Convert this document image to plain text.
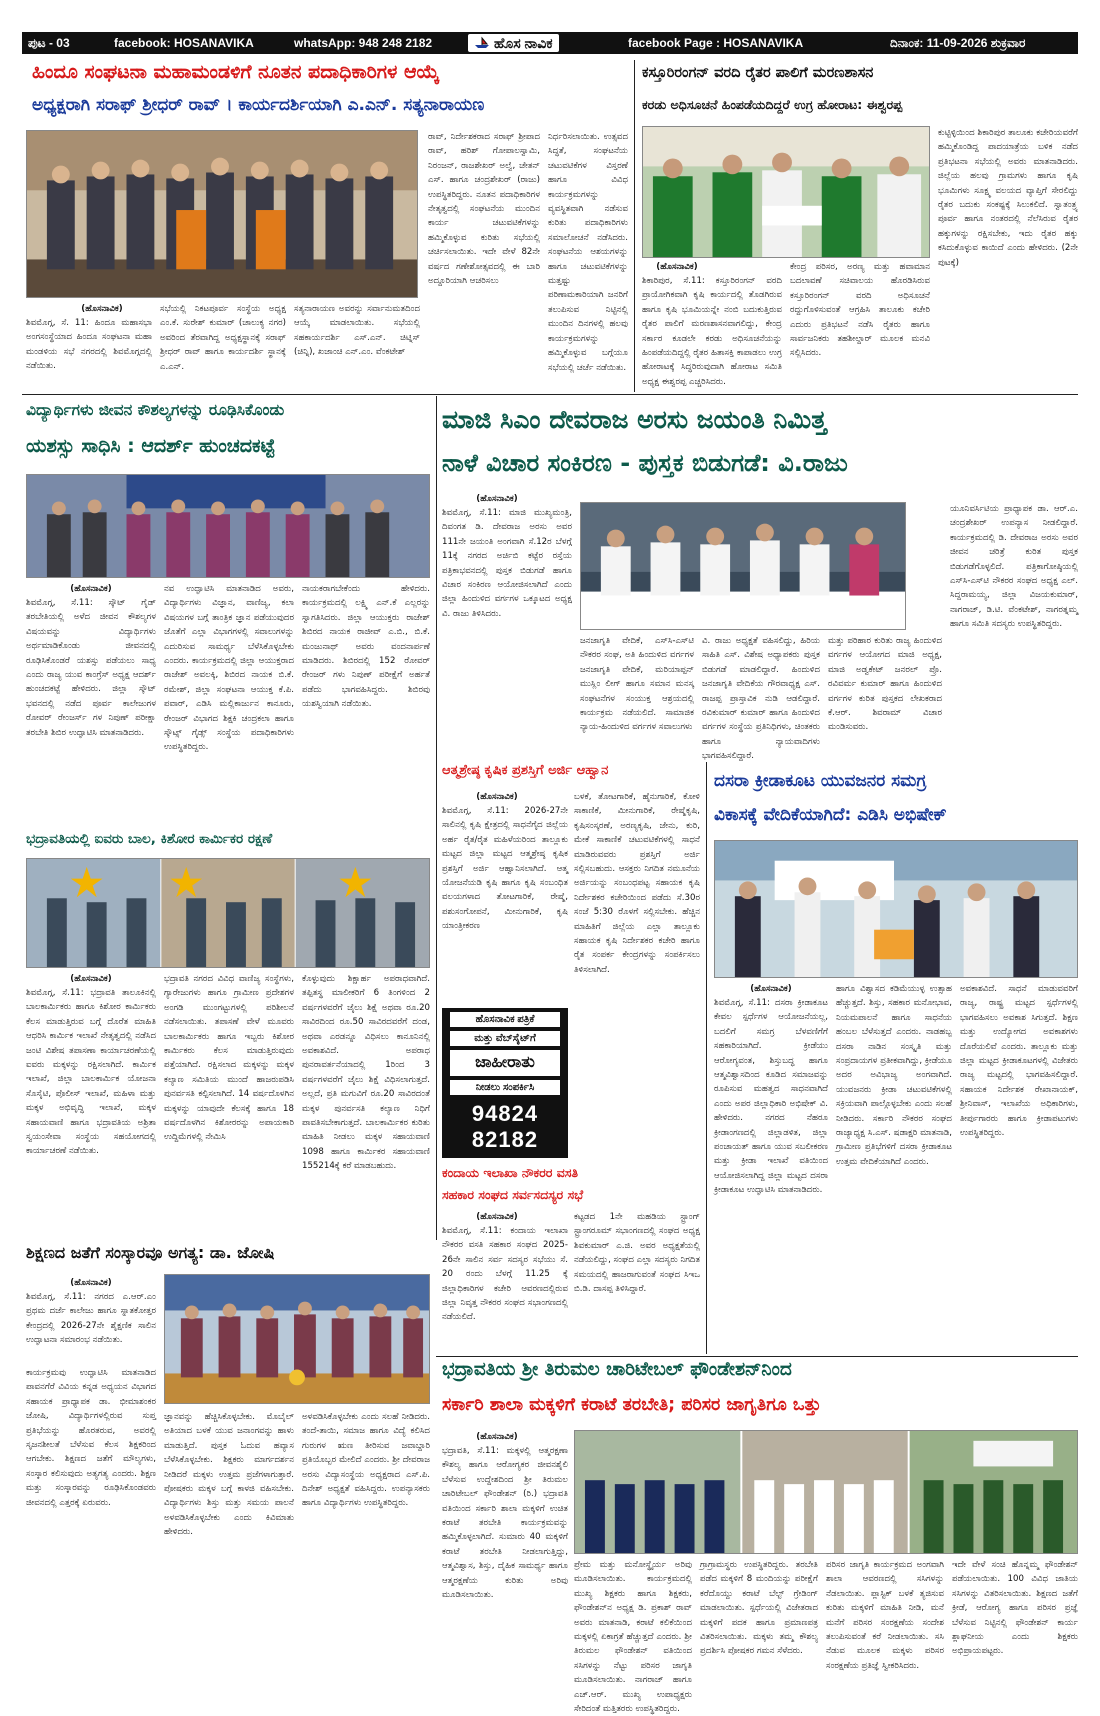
ಪುಟ - 03	facebook: HOSANAVIKA	whatsApp: 948 248 2182	ಹೊಸ ನಾವಿಕ	facebook Page : HOSANAVIKA	ದಿನಾಂಕ: 11-09-2026 ಶುಕ್ರವಾರ
ಹಿಂದೂ ಸಂಘಟನಾ ಮಹಾಮಂಡಳಿಗೆ ನೂತನ ಪದಾಧಿಕಾರಿಗಳ ಆಯ್ಕೆ
ಅಧ್ಯಕ್ಷರಾಗಿ ಸರಾಫ್ ಶ್ರೀಧರ್ ರಾವ್ । ಕಾರ್ಯದರ್ಶಿಯಾಗಿ ಎ.ಎನ್. ಸತ್ಯನಾರಾಯಣ
(ಹೊಸನಾವಿಕ)
ಶಿವಮೊಗ್ಗ, ಸೆ. 11: ಹಿಂದೂ ಮಹಾಸಭಾ ಅಂಗಸಂಸ್ಥೆಯಾದ ಹಿಂದೂ ಸಂಘಟನಾ ಮಹಾ ಮಂಡಳಿಯ ಸಭೆ ನಗರದಲ್ಲಿ ಶಿವಮೊಗ್ಗದಲ್ಲಿ ನಡೆಯಿತು.
ಸಭೆಯಲ್ಲಿ ನಿಕಟಪೂರ್ವ ಸಂಸ್ಥೆಯ ಅಧ್ಯಕ್ಷ ಎಂ.ಕೆ. ಸುರೇಶ್ ಕುಮಾರ್ (ಚಾಲುಕ್ಯ ನಗರ) ಅವರಿಂದ ತೆರವಾಗಿದ್ದ ಅಧ್ಯಕ್ಷಸ್ಥಾನಕ್ಕೆ ಸರಾಫ್ ಶ್ರೀಧರ್ ರಾವ್ ಹಾಗೂ ಕಾರ್ಯದರ್ಶಿ ಸ್ಥಾನಕ್ಕೆ ಎ.ಎನ್.
ಸತ್ಯನಾರಾಯಣ ಅವರನ್ನು ಸರ್ವಾನುಮತದಿಂದ ಆಯ್ಕೆ ಮಾಡಲಾಯಿತು. ಸಭೆಯಲ್ಲಿ ಸಹಕಾರ್ಯದರ್ಶಿ ಎಸ್.ಎನ್. ಚಿಟ್ನಿಸ್ (ಚಿನ್ನಿ), ಖಜಾಂಚಿ ಎನ್.ಎಂ. ವೆಂಕಟೇಶ್
ರಾವ್, ನಿರ್ದೇಶಕರಾದ ಸರಾಫ್ ಶ್ರೀಪಾದ ರಾವ್, ಹರಿಶ್ ಗೋಪಾಲಸ್ವಾಮಿ, ನಿರಂಜನ್, ರಾಜಶೇಖರ್ ಅಲ್ವೆ, ಚೇತನ್ ಎಸ್. ಹಾಗೂ ಚಂದ್ರಶೇಖರ್ (ರಾಜು) ಉಪಸ್ಥಿತರಿದ್ದರು. ನೂತನ ಪದಾಧಿಕಾರಿಗಳ ನೇತೃತ್ವದಲ್ಲಿ ಸಂಘಟನೆಯ ಮುಂದಿನ ಕಾರ್ಯ ಚಟುವಟಿಕೆಗಳನ್ನು ಹಮ್ಮಿಕೊಳ್ಳುವ ಕುರಿತು ಸಭೆಯಲ್ಲಿ ಚರ್ಚಿಸಲಾಯಿತು. ಇದೇ ವೇಳೆ 82ನೇ ವರ್ಷದ ಗಣೇಶೋತ್ಸವದಲ್ಲಿ ಈ ಬಾರಿ ಅದ್ದೂರಿಯಾಗಿ ಆಚರಿಸಲು
ನಿರ್ಧರಿಸಲಾಯಿತು. ಉತ್ಸವದ ಸಿದ್ಧತೆ, ಸಂಘಟನೆಯ ಚಟುವಟಿಕೆಗಳ ವಿಸ್ತರಣೆ ಹಾಗೂ ವಿವಿಧ ಕಾರ್ಯಕ್ರಮಗಳನ್ನು ವ್ಯವಸ್ಥಿತವಾಗಿ ನಡೆಸುವ ಕುರಿತು ಪದಾಧಿಕಾರಿಗಳು ಸಮಾಲೋಚನೆ ನಡೆಸಿದರು. ಸಂಘಟನೆಯ ಆಶಯಗಳನ್ನು ಹಾಗೂ ಚಟುವಟಿಕೆಗಳನ್ನು ಮತ್ತಷ್ಟು ಪರಿಣಾಮಕಾರಿಯಾಗಿ ಜನರಿಗೆ ತಲುಪಿಸುವ ನಿಟ್ಟಿನಲ್ಲಿ ಮುಂದಿನ ದಿನಗಳಲ್ಲಿ ಹಲವು ಕಾರ್ಯಕ್ರಮಗಳನ್ನು ಹಮ್ಮಿಕೊಳ್ಳುವ ಬಗ್ಗೆಯೂ ಸಭೆಯಲ್ಲಿ ಚರ್ಚೆ ನಡೆಯಿತು.
ಕಸ್ತೂರಿರಂಗನ್ ವರದಿ ರೈತರ ಪಾಲಿಗೆ ಮರಣಶಾಸನ
ಕರಡು ಅಧಿಸೂಚನೆ ಹಿಂಪಡೆಯದಿದ್ದರೆ ಉಗ್ರ ಹೋರಾಟ: ಈಶ್ವರಪ್ಪ
(ಹೊಸನಾವಿಕ)
ಶಿಕಾರಿಪುರ, ಸೆ.11: ಕಸ್ತೂರಿರಂಗನ್ ವರದಿ ಪ್ರಾಯೋಗಿಕವಾಗಿ ಕೃಷಿ ಕಾರ್ಯದಲ್ಲಿ ತೊಡಗಿರುವ ಹಾಗೂ ಕೃಷಿ ಭೂಮಿಯನ್ನೇ ನಂಬಿ ಬದುಕುತ್ತಿರುವ ರೈತರ ಪಾಲಿಗೆ ಮರಣಶಾಸನವಾಗಲಿದ್ದು, ಕೇಂದ್ರ ಸರ್ಕಾರ ಕೂಡಲೇ ಕರಡು ಅಧಿಸೂಚನೆಯನ್ನು ಹಿಂಪಡೆಯದಿದ್ದಲ್ಲಿ ರೈತರ ಹಿತಾಸಕ್ತಿ ಕಾಪಾಡಲು ಉಗ್ರ ಹೋರಾಟಕ್ಕೆ ಸಿದ್ಧರಿರುವುದಾಗಿ ಹೋರಾಟ ಸಮಿತಿ ಅಧ್ಯಕ್ಷ ಈಶ್ವರಪ್ಪ ಎಚ್ಚರಿಸಿದರು.
ಕೇಂದ್ರ ಪರಿಸರ, ಅರಣ್ಯ ಮತ್ತು ಹವಾಮಾನ ಬದಲಾವಣೆ ಸಚಿವಾಲಯ ಹೊರಡಿಸಿರುವ ಕಸ್ತೂರಿರಂಗನ್ ವರದಿ ಅಧಿಸೂಚನೆ ರದ್ದುಗೊಳಿಸುವಂತೆ ಆಗ್ರಹಿಸಿ ತಾಲೂಕು ಕಚೇರಿ ಎದುರು ಪ್ರತಿಭಟನೆ ನಡೆಸಿ ರೈತರು ಹಾಗೂ ಸಾರ್ವಜನಿಕರು ತಹಶೀಲ್ದಾರ್ ಮೂಲಕ ಮನವಿ ಸಲ್ಲಿಸಿದರು.
ಕುಟ್ಟಿಳ್ಳಿಯಿಂದ ಶಿಕಾರಿಪುರ ತಾಲೂಕು ಕಚೇರಿಯವರೆಗೆ ಹಮ್ಮಿಕೊಂಡಿದ್ದ ಪಾದಯಾತ್ರೆಯ ಬಳಿಕ ನಡೆದ ಪ್ರತಿಭಟನಾ ಸಭೆಯಲ್ಲಿ ಅವರು ಮಾತನಾಡಿದರು. ಜಿಲ್ಲೆಯ ಹಲವು ಗ್ರಾಮಗಳು ಹಾಗೂ ಕೃಷಿ ಭೂಮಿಗಳು ಸೂಕ್ಷ್ಮ ವಲಯದ ವ್ಯಾಪ್ತಿಗೆ ಸೇರಲಿದ್ದು ರೈತರ ಬದುಕು ಸಂಕಷ್ಟಕ್ಕೆ ಸಿಲುಕಲಿದೆ. ಸ್ವಾತಂತ್ರ್ಯ ಪೂರ್ವ ಹಾಗೂ ನಂತರದಲ್ಲಿ ನೆಲೆಸಿರುವ ರೈತರ ಹಕ್ಕುಗಳನ್ನು ರಕ್ಷಿಸಬೇಕು, ಇದು ರೈತರ ಹಕ್ಕು ಕಸಿದುಕೊಳ್ಳುವ ಕಾಯಿದೆ ಎಂದು ಹೇಳಿದರು. (2ನೇ ಪುಟಕ್ಕೆ)
ವಿದ್ಯಾರ್ಥಿಗಳು ಜೀವನ ಕೌಶಲ್ಯಗಳನ್ನು ರೂಢಿಸಿಕೊಂಡು
ಯಶಸ್ಸು ಸಾಧಿಸಿ : ಆದರ್ಶ್ ಹುಂಚದಕಟ್ಟೆ
(ಹೊಸನಾವಿಕ)
ಶಿವಮೊಗ್ಗ, ಸೆ.11: ಸ್ಕೌಟ್ ಗೈಡ್ ತರಬೇತಿಯಲ್ಲಿ ಅಳೆದ ಜೀವನ ಕೌಶಲ್ಯಗಳ ವಿಷಯವನ್ನು ವಿದ್ಯಾರ್ಥಿಗಳು ಅರ್ಥಮಾಡಿಕೊಂಡು ಜೀವನದಲ್ಲಿ ರೂಢಿಸಿಕೊಂಡರೆ ಯಶಸ್ಸು ಪಡೆಯಲು ಸಾಧ್ಯ ಎಂದು ರಾಜ್ಯ ಯುವ ಕಾಂಗ್ರೆಸ್ ಅಧ್ಯಕ್ಷ ಆದರ್ಶ್ ಹುಂಚದಕಟ್ಟೆ ಹೇಳಿದರು. ಜಿಲ್ಲಾ ಸ್ಕೌಟ್ ಭವನದಲ್ಲಿ ನಡೆದ ಪೂರ್ವ ಕಾಲೇಜುಗಳ ರೋವರ್ ರೇಂಜರ್ಸ್ ಗಳ ನಿಪುಣ್ ಪರೀಕ್ಷಾ ತರಬೇತಿ ಶಿಬಿರ ಉದ್ಘಾಟಿಸಿ ಮಾತನಾಡಿದರು.
ನವ ಉದ್ಘಾಟಿಸಿ ಮಾತನಾಡಿದ ಅವರು, ವಿದ್ಯಾರ್ಥಿಗಳು ವಿಜ್ಞಾನ, ವಾಣಿಜ್ಯ, ಕಲಾ ವಿಷಯಗಳ ಬಗ್ಗೆ ತಾಂತ್ರಿಕ ಜ್ಞಾನ ಪಡೆಯುವುದರ ಜೊತೆಗೆ ಎಲ್ಲಾ ವಿಭಾಗಗಳಲ್ಲಿ ಸವಾಲುಗಳನ್ನು ಎದುರಿಸುವ ಸಾಮರ್ಥ್ಯ ಬೆಳೆಸಿಕೊಳ್ಳಬೇಕು ಎಂದರು. ಕಾರ್ಯಕ್ರಮದಲ್ಲಿ ಜಿಲ್ಲಾ ಆಯುಕ್ತರಾದ ರಾಜೇಶ್ ಅವಲಕ್ಕಿ, ಶಿಬಿರದ ನಾಯಕ ಬಿ.ಕೆ. ರಮೇಶ್, ಜಿಲ್ಲಾ ಸಂಘಟನಾ ಆಯುಕ್ತ ಕೆ.ಪಿ. ಪವಾರ್, ಎಡಿಸಿ ಮಲ್ಲಿಕಾರ್ಜುನ ಕಾನೂರು, ರೇಂಜರ್ ವಿಭಾಗದ ಶಿಕ್ಷಕಿ ಚಂದ್ರಕಲಾ ಹಾಗೂ ಸ್ಕೌಟ್ಸ್ ಗೈಡ್ಸ್ ಸಂಸ್ಥೆಯ ಪದಾಧಿಕಾರಿಗಳು ಉಪಸ್ಥಿತರಿದ್ದರು.
ನಾಯಕರಾಗಬೇಕೆಂದು ಹೇಳಿದರು. ಕಾರ್ಯಕ್ರಮದಲ್ಲಿ ಲಕ್ಷ್ಮಿ ಎನ್.ಕೆ ಎಲ್ಲರನ್ನು ಸ್ವಾಗತಿಸಿದರು. ಜಿಲ್ಲಾ ಆಯುಕ್ತರು ರಾಜೇಶ್ ಶಿಬಿರದ ನಾಯಕ ರಾಜೀವ್ ಎ.ಬಿ., ಬಿ.ಕೆ. ಮಂಜುನಾಥ್ ಅವರು ವಂದನಾರ್ಪಣೆ ಮಾಡಿದರು. ಶಿಬಿರದಲ್ಲಿ 152 ರೋವರ್ ರೇಂಜರ್ ಗಳು ನಿಪುಣ್ ಪರೀಕ್ಷೆಗೆ ಅರ್ಹತೆ ಪಡೆದು ಭಾಗವಹಿಸಿದ್ದರು. ಶಿಬಿರವು ಯಶಸ್ವಿಯಾಗಿ ನಡೆಯಿತು.
ಭದ್ರಾವತಿಯಲ್ಲಿ ಐವರು ಬಾಲ, ಕಿಶೋರ ಕಾರ್ಮಿಕರ ರಕ್ಷಣೆ
(ಹೊಸನಾವಿಕ)
ಶಿವಮೊಗ್ಗ, ಸೆ.11: ಭದ್ರಾವತಿ ತಾಲೂಕಿನಲ್ಲಿ ಬಾಲಕಾರ್ಮಿಕರು ಹಾಗೂ ಕಿಶೋರ ಕಾರ್ಮಿಕರು ಕೆಲಸ ಮಾಡುತ್ತಿರುವ ಬಗ್ಗೆ ದೊರೆತ ಮಾಹಿತಿ ಆಧರಿಸಿ ಕಾರ್ಮಿಕ ಇಲಾಖೆ ನೇತೃತ್ವದಲ್ಲಿ ನಡೆಸಿದ ಜಂಟಿ ವಿಶೇಷ ತಪಾಸಣಾ ಕಾರ್ಯಾಚರಣೆಯಲ್ಲಿ ಐವರು ಮಕ್ಕಳನ್ನು ರಕ್ಷಿಸಲಾಗಿದೆ. ಕಾರ್ಮಿಕ ಇಲಾಖೆ, ಜಿಲ್ಲಾ ಬಾಲಕಾರ್ಮಿಕ ಯೋಜನಾ ಸೊಸೈಟಿ, ಪೊಲೀಸ್ ಇಲಾಖೆ, ಮಹಿಳಾ ಮತ್ತು ಮಕ್ಕಳ ಅಭಿವೃದ್ಧಿ ಇಲಾಖೆ, ಮಕ್ಕಳ ಸಹಾಯವಾಣಿ ಹಾಗೂ ಭದ್ರಾವತಿಯ ಅಶ್ರಿತಾ ಸ್ವಯಂಸೇವಾ ಸಂಸ್ಥೆಯ ಸಹಯೋಗದಲ್ಲಿ ಕಾರ್ಯಾಚರಣೆ ನಡೆಯಿತು.
ಭದ್ರಾವತಿ ನಗರದ ವಿವಿಧ ವಾಣಿಜ್ಯ ಸಂಸ್ಥೆಗಳು, ಗ್ಯಾರೇಜುಗಳು ಹಾಗೂ ಗ್ರಾಮೀಣ ಪ್ರದೇಶಗಳ ಅಂಗಡಿ ಮುಂಗಟ್ಟುಗಳಲ್ಲಿ ಪರಿಶೀಲನೆ ನಡೆಸಲಾಯಿತು. ತಪಾಸಣೆ ವೇಳೆ ಮೂವರು ಬಾಲಕಾರ್ಮಿಕರು ಹಾಗೂ ಇಬ್ಬರು ಕಿಶೋರ ಕಾರ್ಮಿಕರು ಕೆಲಸ ಮಾಡುತ್ತಿರುವುದು ಪತ್ತೆಯಾಗಿದೆ. ರಕ್ಷಿಸಲಾದ ಮಕ್ಕಳನ್ನು ಮಕ್ಕಳ ಕಲ್ಯಾಣ ಸಮಿತಿಯ ಮುಂದೆ ಹಾಜರುಪಡಿಸಿ ಪುನರ್ವಸತಿ ಕಲ್ಪಿಸಲಾಗಿದೆ. 14 ವರ್ಷದೊಳಗಿನ ಮಕ್ಕಳನ್ನು ಯಾವುದೇ ಕೆಲಸಕ್ಕೆ ಹಾಗೂ 18 ವರ್ಷದೊಳಗಿನ ಕಿಶೋರರನ್ನು ಅಪಾಯಕಾರಿ ಉದ್ದಿಮೆಗಳಲ್ಲಿ ನೇಮಿಸಿ
ಕೊಳ್ಳುವುದು ಶಿಕ್ಷಾರ್ಹ ಅಪರಾಧವಾಗಿದೆ. ತಪ್ಪಿತಸ್ಥ ಮಾಲೀಕರಿಗೆ 6 ತಿಂಗಳಿಂದ 2 ವರ್ಷಗಳವರೆಗೆ ಜೈಲು ಶಿಕ್ಷೆ ಅಥವಾ ರೂ.20 ಸಾವಿರದಿಂದ ರೂ.50 ಸಾವಿರದವರೆಗೆ ದಂಡ, ಅಥವಾ ಎರಡನ್ನೂ ವಿಧಿಸಲು ಕಾನೂನಿನಲ್ಲಿ ಅವಕಾಶವಿದೆ. ಅಪರಾಧ ಪುನರಾವರ್ತನೆಯಾದಲ್ಲಿ 1ರಿಂದ 3 ವರ್ಷಗಳವರೆಗೆ ಜೈಲು ಶಿಕ್ಷೆ ವಿಧಿಸಲಾಗುತ್ತದೆ. ಅಲ್ಲದೆ, ಪ್ರತಿ ಮಗುವಿಗೆ ರೂ.20 ಸಾವಿರದಂತೆ ಮಕ್ಕಳ ಪುನರ್ವಸತಿ ಕಲ್ಯಾಣ ನಿಧಿಗೆ ಪಾವತಿಸಬೇಕಾಗುತ್ತದೆ. ಬಾಲಕಾರ್ಮಿಕರ ಕುರಿತು ಮಾಹಿತಿ ನೀಡಲು ಮಕ್ಕಳ ಸಹಾಯವಾಣಿ 1098 ಹಾಗೂ ಕಾರ್ಮಿಕರ ಸಹಾಯವಾಣಿ 155214ಕ್ಕೆ ಕರೆ ಮಾಡಬಹುದು.
ಶಿಕ್ಷಣದ ಜತೆಗೆ ಸಂಸ್ಕಾರವೂ ಅಗತ್ಯ: ಡಾ. ಜೋಷಿ
(ಹೊಸನಾವಿಕ)
ಶಿವಮೊಗ್ಗ, ಸೆ.11: ನಗರದ ಎ.ಆರ್.ಎಂ ಪ್ರಥಮ ದರ್ಜೆ ಕಾಲೇಜು ಹಾಗೂ ಸ್ನಾತಕೋತ್ತರ ಕೇಂದ್ರದಲ್ಲಿ 2026-27ನೇ ಶೈಕ್ಷಣಿಕ ಸಾಲಿನ ಉದ್ಘಾಟನಾ ಸಮಾರಂಭ ನಡೆಯಿತು.
ಕಾರ್ಯಕ್ರಮವು ಉದ್ಘಾಟಿಸಿ ಮಾತನಾಡಿದ ಪಾವನಗೆರೆ ವಿವಿಯ ಕನ್ನಡ ಅಧ್ಯಯನ ವಿಭಾಗದ ಸಹಾಯಕ ಪ್ರಾಧ್ಯಾಪಕ ಡಾ. ಭೀಮಾಶಂಕರ ಜೋಷಿ, ವಿದ್ಯಾರ್ಥಿಗಳಲ್ಲಿರುವ ಸುಪ್ತ ಪ್ರತಿಭೆಯನ್ನು ಹೊರತರುವ, ಅವರಲ್ಲಿ ಸೃಜನಶೀಲತೆ ಬೆಳೆಸುವ ಕೆಲಸ ಶಿಕ್ಷಕರಿಂದ ಆಗಬೇಕು. ಶಿಕ್ಷಣದ ಜತೆಗೆ ಮೌಲ್ಯಗಳು, ಸಂಸ್ಕಾರ ಕಲಿಸುವುದು ಅತ್ಯಗತ್ಯ ಎಂದರು. ಶಿಕ್ಷಣ ಮತ್ತು ಸಂಸ್ಕಾರವನ್ನು ರೂಢಿಸಿಕೊಂಡವರು ಜೀವನದಲ್ಲಿ ಎತ್ತರಕ್ಕೆ ಏರುವರು.
ಜ್ಞಾನವನ್ನು ಹೆಚ್ಚಿಸಿಕೊಳ್ಳಬೇಕು. ಮೊಬೈಲ್ ಅತಿಯಾದ ಬಳಕೆ ಯುವ ಜನಾಂಗವನ್ನು ಹಾಳು ಮಾಡುತ್ತಿದೆ. ಪುಸ್ತಕ ಓದುವ ಹವ್ಯಾಸ ಬೆಳೆಸಿಕೊಳ್ಳಬೇಕು. ಶಿಕ್ಷಕರು ಮಾರ್ಗದರ್ಶನ ನೀಡಿದರೆ ಮಕ್ಕಳು ಉತ್ತಮ ಪ್ರಜೆಗಳಾಗುತ್ತಾರೆ. ಪೋಷಕರು ಮಕ್ಕಳ ಬಗ್ಗೆ ಕಾಳಜಿ ವಹಿಸಬೇಕು. ವಿದ್ಯಾರ್ಥಿಗಳು ಶಿಸ್ತು ಮತ್ತು ಸಮಯ ಪಾಲನೆ ಅಳವಡಿಸಿಕೊಳ್ಳಬೇಕು ಎಂದು ಕಿವಿಮಾತು ಹೇಳಿದರು.
ಅಳವಡಿಸಿಕೊಳ್ಳಬೇಕು ಎಂದು ಸಲಹೆ ನೀಡಿದರು. ತಂದೆ-ತಾಯಿ, ಸಮಾಜ ಹಾಗೂ ವಿದ್ಯೆ ಕಲಿಸಿದ ಗುರುಗಳ ಋಣ ತೀರಿಸುವ ಜವಾಬ್ದಾರಿ ಪ್ರತಿಯೊಬ್ಬರ ಮೇಲಿದೆ ಎಂದರು. ಶ್ರೀ ದೇವರಾಜ ಅರಸು ವಿದ್ಯಾಸಂಸ್ಥೆಯ ಅಧ್ಯಕ್ಷರಾದ ಎಸ್.ಪಿ. ದಿನೇಶ್ ಅಧ್ಯಕ್ಷತೆ ವಹಿಸಿದ್ದರು. ಉಪನ್ಯಾಸಕರು ಹಾಗೂ ವಿದ್ಯಾರ್ಥಿಗಳು ಉಪಸ್ಥಿತರಿದ್ದರು.
ಮಾಜಿ ಸಿಎಂ ದೇವರಾಜ ಅರಸು ಜಯಂತಿ ನಿಮಿತ್ತ
ನಾಳೆ ವಿಚಾರ ಸಂಕಿರಣ - ಪುಸ್ತಕ ಬಿಡುಗಡೆ: ವಿ.ರಾಜು
(ಹೊಸನಾವಿಕ)
ಶಿವಮೊಗ್ಗ, ಸೆ.11: ಮಾಜಿ ಮುಖ್ಯಮಂತ್ರಿ, ದಿವಂಗತ ಡಿ. ದೇವರಾಜ ಅರಸು ಅವರ 111ನೇ ಜಯಂತಿ ಅಂಗವಾಗಿ ಸೆ.12ರ ಬೆಳಗ್ಗೆ 11ಕ್ಕೆ ನಗರದ ಅರ್ಚಿಬಿ ಕಟ್ಟೆರ ರಸ್ತೆಯ ಪತ್ರಿಕಾಭವನದಲ್ಲಿ ಪುಸ್ತಕ ಬಿಡುಗಡೆ ಹಾಗೂ ವಿಚಾರ ಸಂಕಿರಣ ಆಯೋಜಿಸಲಾಗಿದೆ ಎಂದು ಜಿಲ್ಲಾ ಹಿಂದುಳಿದ ವರ್ಗಗಳ ಒಕ್ಕೂಟದ ಅಧ್ಯಕ್ಷ ವಿ. ರಾಜು ತಿಳಿಸಿದರು.
ಜನಜಾಗೃತಿ ವೇದಿಕೆ, ಎಸ್‌ಸಿ-ಎಸ್‌ಟಿ ನೌಕರರ ಸಂಘ, ಅತಿ ಹಿಂದುಳಿದ ವರ್ಗಗಳ ಜನಜಾಗೃತಿ ವೇದಿಕೆ, ಮರಿಯಾಪ್ಪನ್ ಮುಸ್ಲಿಂ ಲೀಗ್ ಹಾಗೂ ಸಮಾನ ಮನಸ್ಕ ಸಂಘಟನೆಗಳ ಸಂಯುಕ್ತ ಆಶ್ರಯದಲ್ಲಿ ಕಾರ್ಯಕ್ರಮ ನಡೆಯಲಿದೆ. ಸಾಮಾಜಿಕ ನ್ಯಾಯ-ಹಿಂದುಳಿದ ವರ್ಗಗಳ ಸವಾಲುಗಳು
ವಿ. ರಾಜು ಅಧ್ಯಕ್ಷತೆ ವಹಿಸಲಿದ್ದು, ಹಿರಿಯ ಸಾಹಿತಿ ಎಸ್. ವಿಶೇಷ ಅಧ್ಯಾಪಕರು ಪುಸ್ತಕ ಬಿಡುಗಡೆ ಮಾಡಲಿದ್ದಾರೆ. ಹಿಂದುಳಿದ ಜನಜಾಗೃತಿ ವೇದಿಕೆಯ ಗೌರವಾಧ್ಯಕ್ಷ ಎಸ್. ರಾಜಪ್ಪ ಪ್ರಾಸ್ತಾವಿಕ ನುಡಿ ಆಡಲಿದ್ದಾರೆ. ರವಿಕುಮಾರ್ ಕುಮಾರ್ ಹಾಗೂ ಹಿಂದುಳಿದ ವರ್ಗಗಳ ಸಂಸ್ಥೆಯ ಪ್ರತಿನಿಧಿಗಳು, ಚಿಂತಕರು ಹಾಗೂ ನ್ಯಾಯವಾದಿಗಳು ಭಾಗವಹಿಸಲಿದ್ದಾರೆ.
ಮತ್ತು ಪರಿಹಾರ ಕುರಿತು ರಾಜ್ಯ ಹಿಂದುಳಿದ ವರ್ಗಗಳ ಆಯೋಗದ ಮಾಜಿ ಅಧ್ಯಕ್ಷ, ಮಾಜಿ ಅಡ್ವಕೇಟ್ ಜನರಲ್ ಪ್ರೊ. ರವಿವರ್ಮ ಕುಮಾರ್ ಹಾಗೂ ಹಿಂದುಳಿದ ವರ್ಗಗಳ ಕುರಿತ ಪುಸ್ತಕದ ಲೇಖಕರಾದ ಕೆ.ಆರ್. ಶಿವರಾಮ್ ವಿಚಾರ ಮಂಡಿಸುವರು.
ಯೂನಿವರ್ಸಿಟಿಯ ಪ್ರಾಧ್ಯಾಪಕ ಡಾ. ಆರ್.ಎ. ಚಂದ್ರಶೇಖರ್ ಉಪನ್ಯಾಸ ನೀಡಲಿದ್ದಾರೆ. ಕಾರ್ಯಕ್ರಮದಲ್ಲಿ ಡಿ. ದೇವರಾಜ ಅರಸು ಅವರ ಜೀವನ ಚರಿತ್ರೆ ಕುರಿತ ಪುಸ್ತಕ ಬಿಡುಗಡೆಗೊಳ್ಳಲಿದೆ. ಪತ್ರಿಕಾಗೋಷ್ಠಿಯಲ್ಲಿ ಎಸ್‌ಸಿ-ಎಸ್‌ಟಿ ನೌಕರರ ಸಂಘದ ಅಧ್ಯಕ್ಷ ಎಲ್. ಸಿದ್ದರಾಮಯ್ಯ, ಜಿಲ್ಲಾ ವಿಜಯಕುಮಾರ್, ನಾಗರಾಜ್, ಡಿ.ಟಿ. ವೆಂಕಟೇಶ್, ನಾಗರತ್ನಮ್ಮ ಹಾಗೂ ಸಮಿತಿ ಸದಸ್ಯರು ಉಪಸ್ಥಿತರಿದ್ದರು.
ಆತ್ಮಶ್ರೇಷ್ಠ ಕೃಷಿಕ ಪ್ರಶಸ್ತಿಗೆ ಅರ್ಜಿ ಆಹ್ವಾನ
(ಹೊಸನಾವಿಕ)
ಶಿವಮೊಗ್ಗ, ಸೆ.11: 2026-27ನೇ ಸಾಲಿನಲ್ಲಿ ಕೃಷಿ ಕ್ಷೇತ್ರದಲ್ಲಿ ಸಾಧನೆಗೈದ ಜಿಲ್ಲೆಯ ಅರ್ಹ ರೈತ/ರೈತ ಮಹಿಳೆಯರಿಂದ ತಾಲ್ಲೂಕು ಮಟ್ಟದ ಜಿಲ್ಲಾ ಮಟ್ಟದ ಆತ್ಮಶ್ರೇಷ್ಠ ಕೃಷಿಕ ಪ್ರಶಸ್ತಿಗೆ ಅರ್ಜಿ ಆಹ್ವಾನಿಸಲಾಗಿದೆ. ಆತ್ಮ ಯೋಜನೆಯಡಿ ಕೃಷಿ ಹಾಗೂ ಕೃಷಿ ಸಂಬಂಧಿತ ವಲಯಗಳಾದ ತೋಟಗಾರಿಕೆ, ರೇಷ್ಮೆ, ಪಶುಸಂಗೋಪನೆ, ಮೀನುಗಾರಿಕೆ, ಕೃಷಿ ಯಾಂತ್ರೀಕರಣ
ಬಳಕೆ, ತೋಟಗಾರಿಕೆ, ಹೈನುಗಾರಿಕೆ, ಕೋಳಿ ಸಾಕಾಣಿಕೆ, ಮೀನುಗಾರಿಕೆ, ರೇಷ್ಮೆಕೃಷಿ, ಕೃಷಿಸಂಸ್ಕರಣೆ, ಅರಣ್ಯಕೃಷಿ, ಜೇನು, ಕುರಿ, ಮೇಕೆ ಸಾಕಾಣಿಕೆ ಚಟುವಟಿಕೆಗಳಲ್ಲಿ ಸಾಧನೆ ಮಾಡಿರುವವರು ಪ್ರಶಸ್ತಿಗೆ ಅರ್ಜಿ ಸಲ್ಲಿಸಬಹುದು. ಆಸಕ್ತರು ನಿಗದಿತ ನಮೂನೆಯ ಅರ್ಜಿಯನ್ನು ಸಂಬಂಧಪಟ್ಟ ಸಹಾಯಕ ಕೃಷಿ ನಿರ್ದೇಶಕರ ಕಚೇರಿಯಿಂದ ಪಡೆದು ಸೆ.30ರ ಸಂಜೆ 5:30 ರೊಳಗೆ ಸಲ್ಲಿಸಬೇಕು. ಹೆಚ್ಚಿನ ಮಾಹಿತಿಗೆ ಜಿಲ್ಲೆಯ ಎಲ್ಲಾ ತಾಲ್ಲೂಕು ಸಹಾಯಕ ಕೃಷಿ ನಿರ್ದೇಶಕರ ಕಚೇರಿ ಹಾಗೂ ರೈತ ಸಂಪರ್ಕ ಕೇಂದ್ರಗಳನ್ನು ಸಂಪರ್ಕಿಸಲು ತಿಳಿಸಲಾಗಿದೆ.
ಹೊಸನಾವಿಕ ಪತ್ರಿಕೆ
ಮತ್ತು ವೆಬ್‌ಸೈಟ್‌ಗೆ
ಜಾಹೀರಾತು
ನೀಡಲು ಸಂಪರ್ಕಿಸಿ
94824 82182
ಕಂದಾಯ ಇಲಾಖಾ ನೌಕರರ ವಸತಿ
ಸಹಕಾರ ಸಂಘದ ಸರ್ವಸದಸ್ಯರ ಸಭೆ
(ಹೊಸನಾವಿಕ)
ಶಿವಮೊಗ್ಗ, ಸೆ.11: ಕಂದಾಯ ಇಲಾಖಾ ನೌಕರರ ವಸತಿ ಸಹಕಾರ ಸಂಘದ 2025-26ನೇ ಸಾಲಿನ ಸರ್ವ ಸದಸ್ಯರ ಸಭೆಯು ಸೆ. 20 ರಂದು ಬೆಳಗ್ಗೆ 11.25 ಕ್ಕೆ ಜಿಲ್ಲಾಧಿಕಾರಿಗಳ ಕಚೇರಿ ಆವರಣದಲ್ಲಿರುವ ಜಿಲ್ಲಾ ನಿವೃತ್ತ ನೌಕರರ ಸಂಘದ ಸಭಾಂಗಣದಲ್ಲಿ ನಡೆಯಲಿದೆ.
ಕಟ್ಟಡದ 1ನೇ ಮಹಡಿಯ ಸ್ಟ್ರಾಂಗ್ ಸ್ಟ್ರಾಂಗರೂಮ್ ಸಭಾಂಗಣದಲ್ಲಿ ಸಂಘದ ಅಧ್ಯಕ್ಷ ಶಿವಕುಮಾರ್ ಎ.ಜಿ. ಅವರ ಅಧ್ಯಕ್ಷತೆಯಲ್ಲಿ ನಡೆಯಲಿದ್ದು, ಸಂಘದ ಎಲ್ಲಾ ಸದಸ್ಯರು ನಿಗದಿತ ಸಮಯದಲ್ಲಿ ಹಾಜರಾಗುವಂತೆ ಸಂಘದ ಸಿಇಒ ಬಿ.ಡಿ. ದಾಸಪ್ಪ ತಿಳಿಸಿದ್ದಾರೆ.
ದಸರಾ ಕ್ರೀಡಾಕೂಟ ಯುವಜನರ ಸಮಗ್ರ
ವಿಕಾಸಕ್ಕೆ ವೇದಿಕೆಯಾಗಿದೆ: ಎಡಿಸಿ ಅಭಿಷೇಕ್
(ಹೊಸನಾವಿಕ)
ಶಿವಮೊಗ್ಗ, ಸೆ.11: ದಸರಾ ಕ್ರೀಡಾಕೂಟ ಕೇವಲ ಸ್ಪರ್ಧೆಗಳ ಆಯೋಜನೆಯಲ್ಲ, ಬದಲಿಗೆ ಸಮಗ್ರ ಬೆಳವಣಿಗೆಗೆ ಸಹಕಾರಿಯಾಗಿದೆ. ಕ್ರೀಡೆಯು ಆರೋಗ್ಯವಂತ, ಶಿಸ್ತುಬದ್ಧ ಹಾಗೂ ಆತ್ಮವಿಶ್ವಾಸದಿಂದ ಕೂಡಿದ ಸಮಾಜವನ್ನು ರೂಪಿಸುವ ಮಹತ್ವದ ಸಾಧನವಾಗಿದೆ ಎಂದು ಅಪರ ಜಿಲ್ಲಾಧಿಕಾರಿ ಅಭಿಷೇಕ್ ವಿ. ಹೇಳಿದರು. ನಗರದ ನೆಹರೂ ಕ್ರೀಡಾಂಗಣದಲ್ಲಿ ಜಿಲ್ಲಾಡಳಿತ, ಜಿಲ್ಲಾ ಪಂಚಾಯತ್ ಹಾಗೂ ಯುವ ಸಬಲೀಕರಣ ಮತ್ತು ಕ್ರೀಡಾ ಇಲಾಖೆ ವತಿಯಿಂದ ಆಯೋಜಿಸಲಾಗಿದ್ದ ಜಿಲ್ಲಾ ಮಟ್ಟದ ದಸರಾ ಕ್ರೀಡಾಕೂಟ ಉದ್ಘಾಟಿಸಿ ಮಾತನಾಡಿದರು.
ಹಾಗೂ ವಿಶ್ವಾಸದ ಕಡಿಮೆಯುಳ್ಳ ಉತ್ಸಾಹ ಹೆಚ್ಚುತ್ತದೆ. ಶಿಸ್ತು, ಸಹಕಾರ ಮನೋಭಾವ, ನಿಯಮಪಾಲನೆ ಹಾಗೂ ಸಾಧನೆಯ ಹಂಬಲ ಬೆಳೆಸುತ್ತದೆ ಎಂದರು. ನಾಡಹಬ್ಬ ದಸರಾ ನಾಡಿನ ಸಂಸ್ಕೃತಿ ಮತ್ತು ಸಂಪ್ರದಾಯಗಳ ಪ್ರತೀಕವಾಗಿದ್ದು, ಕ್ರೀಡೆಯೂ ಅದರ ಅವಿಭಾಜ್ಯ ಅಂಗವಾಗಿದೆ. ಯುವಜನರು ಕ್ರೀಡಾ ಚಟುವಟಿಕೆಗಳಲ್ಲಿ ಸಕ್ರಿಯವಾಗಿ ಪಾಲ್ಗೊಳ್ಳಬೇಕು ಎಂದು ಸಲಹೆ ನೀಡಿದರು. ಸರ್ಕಾರಿ ನೌಕರರ ಸಂಘದ ರಾಜ್ಯಾಧ್ಯಕ್ಷ ಸಿ.ಎಸ್. ಷಡಾಕ್ಷರಿ ಮಾತನಾಡಿ, ಗ್ರಾಮೀಣ ಪ್ರತಿಭೆಗಳಿಗೆ ದಸರಾ ಕ್ರೀಡಾಕೂಟ ಉತ್ತಮ ವೇದಿಕೆಯಾಗಿದೆ ಎಂದರು.
ಅವಕಾಶವಿದೆ. ಸಾಧನೆ ಮಾಡುವವರಿಗೆ ರಾಜ್ಯ, ರಾಷ್ಟ್ರ ಮಟ್ಟದ ಸ್ಪರ್ಧೆಗಳಲ್ಲಿ ಭಾಗವಹಿಸಲು ಅವಕಾಶ ಸಿಗುತ್ತದೆ. ಶಿಕ್ಷಣ ಮತ್ತು ಉದ್ಯೋಗದ ಅವಕಾಶಗಳು ದೊರೆಯಲಿವೆ ಎಂದರು. ತಾಲ್ಲೂಕು ಮತ್ತು ಜಿಲ್ಲಾ ಮಟ್ಟದ ಕ್ರೀಡಾಕೂಟಗಳಲ್ಲಿ ವಿಜೇತರು ರಾಜ್ಯ ಮಟ್ಟದಲ್ಲಿ ಭಾಗವಹಿಸಲಿದ್ದಾರೆ. ಸಹಾಯಕ ನಿರ್ದೇಶಕ ರೇಖಾನಾಯಕ್, ಶ್ರೀನಿವಾಸ್, ಇಲಾಖೆಯ ಅಧಿಕಾರಿಗಳು, ತೀರ್ಪುಗಾರರು ಹಾಗೂ ಕ್ರೀಡಾಪಟುಗಳು ಉಪಸ್ಥಿತರಿದ್ದರು.
ಭದ್ರಾವತಿಯ ಶ್ರೀ ತಿರುಮಲ ಚಾರಿಟೇಬಲ್ ಫೌಂಡೇಶನ್‌ನಿಂದ
ಸರ್ಕಾರಿ ಶಾಲಾ ಮಕ್ಕಳಿಗೆ ಕರಾಟೆ ತರಬೇತಿ; ಪರಿಸರ ಜಾಗೃತಿಗೂ ಒತ್ತು
(ಹೊಸನಾವಿಕ)
ಭದ್ರಾವತಿ, ಸೆ.11: ಮಕ್ಕಳಲ್ಲಿ ಆತ್ಮರಕ್ಷಣಾ ಕೌಶಲ್ಯ ಹಾಗೂ ಆರೋಗ್ಯಕರ ಜೀವನಶೈಲಿ ಬೆಳೆಸುವ ಉದ್ದೇಶದಿಂದ ಶ್ರೀ ತಿರುಮಲ ಚಾರಿಟೇಬಲ್ ಫೌಂಡೇಶನ್ (ರಿ.) ಭದ್ರಾವತಿ ವತಿಯಿಂದ ಸರ್ಕಾರಿ ಶಾಲಾ ಮಕ್ಕಳಿಗೆ ಉಚಿತ ಕರಾಟೆ ತರಬೇತಿ ಕಾರ್ಯಕ್ರಮವನ್ನು ಹಮ್ಮಿಕೊಳ್ಳಲಾಗಿದೆ. ಸುಮಾರು 40 ಮಕ್ಕಳಿಗೆ ಕರಾಟೆ ತರಬೇತಿ ನೀಡಲಾಗುತ್ತಿದ್ದು, ಆತ್ಮವಿಶ್ವಾಸ, ಶಿಸ್ತು, ದೈಹಿಕ ಸಾಮರ್ಥ್ಯ ಹಾಗೂ ಆತ್ಮರಕ್ಷಣೆಯ ಕುರಿತು ಅರಿವು ಮೂಡಿಸಲಾಯಿತು.
ಪ್ರೇಮ ಮತ್ತು ಮನೋಸ್ಥೈರ್ಯ ಅರಿವು ಮೂಡಿಸಲಾಯಿತು. ಕಾರ್ಯಕ್ರಮದಲ್ಲಿ ಮುಖ್ಯ ಶಿಕ್ಷಕರು ಹಾಗೂ ಶಿಕ್ಷಕರು, ಫೌಂಡೇಶನ್‌ನ ಅಧ್ಯಕ್ಷ ಡಿ. ಪ್ರಕಾಶ್ ರಾವ್ ಅವರು ಮಾತನಾಡಿ, ಕರಾಟೆ ಕಲಿಕೆಯಿಂದ ಮಕ್ಕಳಲ್ಲಿ ಏಕಾಗ್ರತೆ ಹೆಚ್ಚುತ್ತದೆ ಎಂದರು. ಶ್ರೀ ತಿರುಮಲ ಫೌಂಡೇಶನ್ ವತಿಯಿಂದ ಸಸಿಗಳನ್ನು ನೆಟ್ಟು ಪರಿಸರ ಜಾಗೃತಿ ಮೂಡಿಸಲಾಯಿತು. ನಾಗರಾಜ್ ಹಾಗೂ ಎಚ್.ಆರ್. ಮುಖ್ಯ ಉಪಾಧ್ಯಕ್ಷರು ಸೇರಿದಂತೆ ಮತ್ತಿತರರು ಉಪಸ್ಥಿತರಿದ್ದರು.
ಗ್ರಾಗ್ರಾಮಸ್ಥರು ಉಪಸ್ಥಿತರಿದ್ದರು. ತರಬೇತಿ ಪಡೆದ ಮಕ್ಕಳಿಗೆ 8 ಮಂದಿಯನ್ನು ಪರೀಕ್ಷೆಗೆ ಕರೆದೊಯ್ದು ಕರಾಟೆ ಬೆಲ್ಟ್ ಗ್ರೇಡಿಂಗ್ ಮಾಡಲಾಯಿತು. ಸ್ಪರ್ಧೆಯಲ್ಲಿ ವಿಜೇತರಾದ ಮಕ್ಕಳಿಗೆ ಪದಕ ಹಾಗೂ ಪ್ರಮಾಣಪತ್ರ ವಿತರಿಸಲಾಯಿತು. ಮಕ್ಕಳು ತಮ್ಮ ಕೌಶಲ್ಯ ಪ್ರದರ್ಶಿಸಿ ಪೋಷಕರ ಗಮನ ಸೆಳೆದರು.
ಪರಿಸರ ಜಾಗೃತಿ ಕಾರ್ಯಕ್ರಮದ ಅಂಗವಾಗಿ ಶಾಲಾ ಆವರಣದಲ್ಲಿ ಸಸಿಗಳನ್ನು ನೆಡಲಾಯಿತು. ಪ್ಲಾಸ್ಟಿಕ್ ಬಳಕೆ ತ್ಯಜಿಸುವ ಕುರಿತು ಮಕ್ಕಳಿಗೆ ಮಾಹಿತಿ ನೀಡಿ, ಮನೆ ಮನೆಗೆ ಪರಿಸರ ಸಂರಕ್ಷಣೆಯ ಸಂದೇಶ ತಲುಪಿಸುವಂತೆ ಕರೆ ನೀಡಲಾಯಿತು. ಸಸಿ ನೆಡುವ ಮೂಲಕ ಮಕ್ಕಳು ಪರಿಸರ ಸಂರಕ್ಷಣೆಯ ಪ್ರತಿಜ್ಞೆ ಸ್ವೀಕರಿಸಿದರು.
ಇದೇ ವೇಳೆ ಸಂಚಿ ಹೊನ್ನಮ್ಮ ಫೌಂಡೇಶನ್ ಪಡೆಯಲಾಯಿತು. 100 ವಿವಿಧ ಜಾತಿಯ ಸಸಿಗಳನ್ನು ವಿತರಿಸಲಾಯಿತು. ಶಿಕ್ಷಣದ ಜತೆಗೆ ಕ್ರೀಡೆ, ಆರೋಗ್ಯ ಹಾಗೂ ಪರಿಸರ ಪ್ರಜ್ಞೆ ಬೆಳೆಸುವ ನಿಟ್ಟಿನಲ್ಲಿ ಫೌಂಡೇಶನ್ ಕಾರ್ಯ ಶ್ಲಾಘನೀಯ ಎಂದು ಶಿಕ್ಷಕರು ಅಭಿಪ್ರಾಯಪಟ್ಟರು.
